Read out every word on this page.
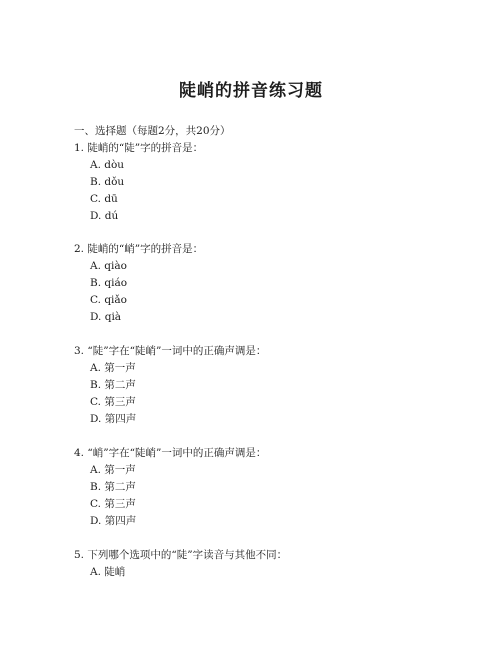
陡峭的拼音练习题
一、选择题（每题2分，共20分）
1. 陡峭的“陡”字的拼音是：
A. dòu
B. dǒu
C. dū
D. dú
2. 陡峭的“峭”字的拼音是：
A. qiào
B. qiáo
C. qiǎo
D. qià
3. “陡”字在“陡峭”一词中的正确声调是：
A. 第一声
B. 第二声
C. 第三声
D. 第四声
4. “峭”字在“陡峭”一词中的正确声调是：
A. 第一声
B. 第二声
C. 第三声
D. 第四声
5. 下列哪个选项中的“陡”字读音与其他不同：
A. 陡峭
